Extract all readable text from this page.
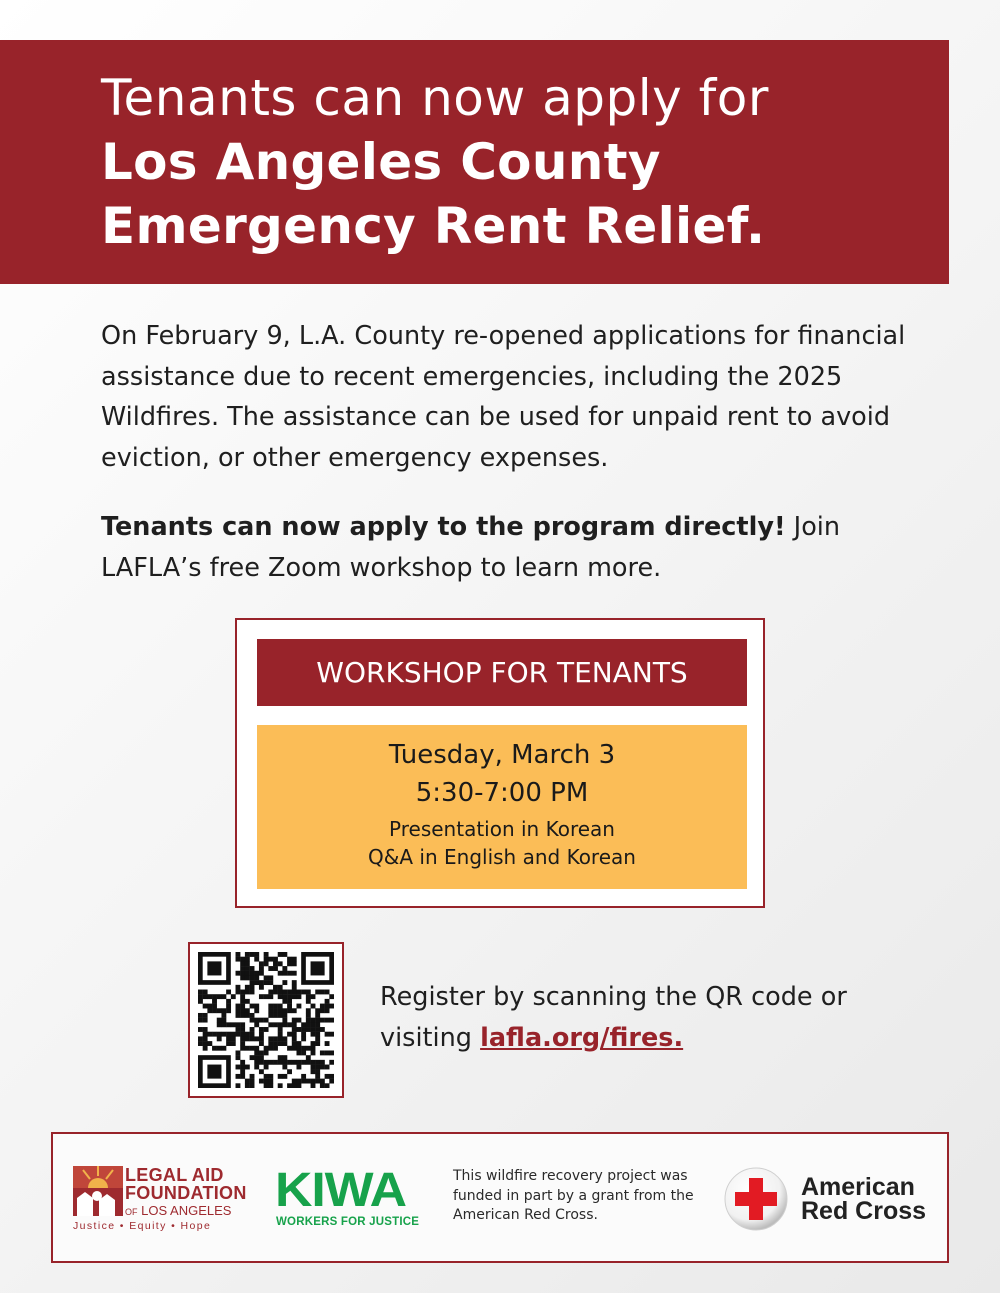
Tenants can now apply for
Los Angeles County
Emergency Rent Relief.

On February 9, L.A. County re-opened applications for financial assistance due to recent emergencies, including the 2025 Wildfires. The assistance can be used for unpaid rent to avoid eviction, or other emergency expenses.

Tenants can now apply to the program directly! Join LAFLA’s free Zoom workshop to learn more.

WORKSHOP FOR TENANTS
Tuesday, March 3
5:30-7:00 PM
Presentation in Korean
Q&A in English and Korean

Register by scanning the QR code or visiting lafla.org/fires.

LEGAL AID
FOUNDATION
OF LOS ANGELES
Justice • Equity • Hope
KIWA
WORKERS FOR JUSTICE
This wildfire recovery project was funded in part by a grant from the American Red Cross.
American
Red Cross
